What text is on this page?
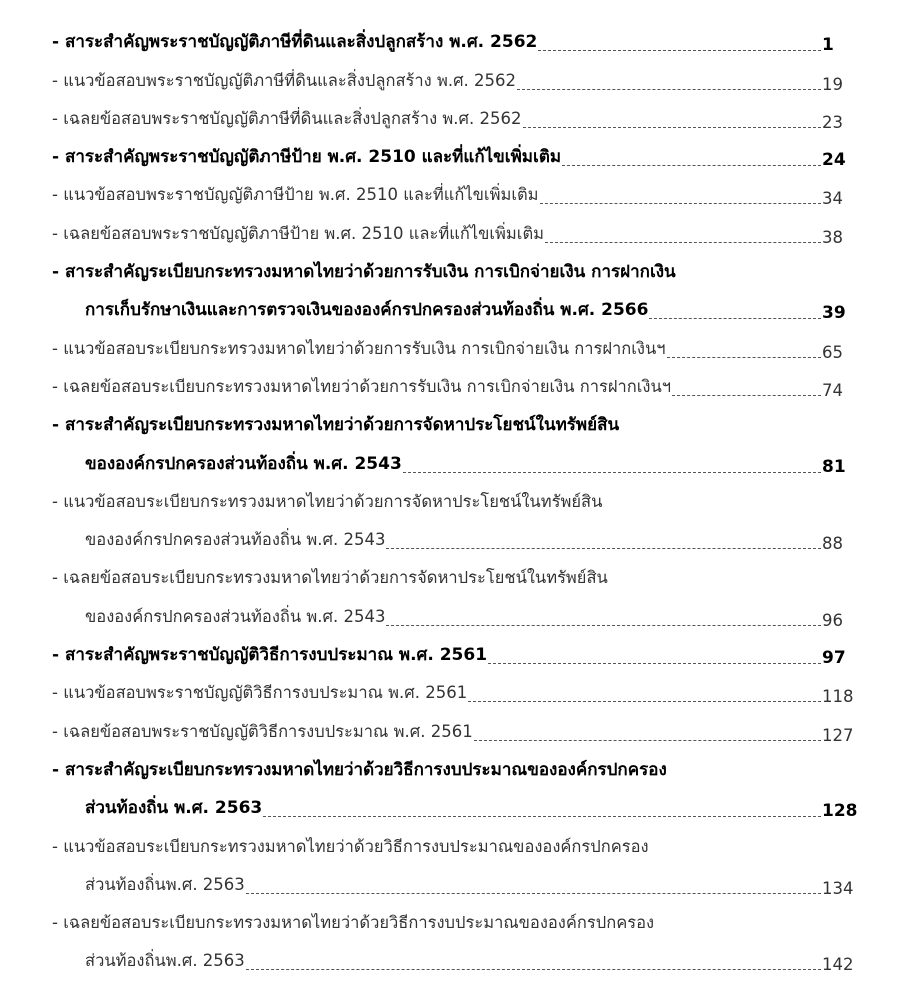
- สาระสำคัญพระราชบัญญัติภาษีที่ดินและสิ่งปลูกสร้าง พ.ศ. 2562	1
- แนวข้อสอบพระราชบัญญัติภาษีที่ดินและสิ่งปลูกสร้าง พ.ศ. 2562	19
- เฉลยข้อสอบพระราชบัญญัติภาษีที่ดินและสิ่งปลูกสร้าง พ.ศ. 2562	23
- สาระสำคัญพระราชบัญญัติภาษีป้าย พ.ศ. 2510 และที่แก้ไขเพิ่มเติม	24
- แนวข้อสอบพระราชบัญญัติภาษีป้าย พ.ศ. 2510 และที่แก้ไขเพิ่มเติม	34
- เฉลยข้อสอบพระราชบัญญัติภาษีป้าย พ.ศ. 2510 และที่แก้ไขเพิ่มเติม	38
- สาระสำคัญระเบียบกระทรวงมหาดไทยว่าด้วยการรับเงิน การเบิกจ่ายเงิน การฝากเงิน
การเก็บรักษาเงินและการตรวจเงินขององค์กรปกครองส่วนท้องถิ่น พ.ศ. 2566	39
- แนวข้อสอบระเบียบกระทรวงมหาดไทยว่าด้วยการรับเงิน การเบิกจ่ายเงิน การฝากเงินฯ	65
- เฉลยข้อสอบระเบียบกระทรวงมหาดไทยว่าด้วยการรับเงิน การเบิกจ่ายเงิน การฝากเงินฯ	74
- สาระสำคัญระเบียบกระทรวงมหาดไทยว่าด้วยการจัดหาประโยชน์ในทรัพย์สิน
ขององค์กรปกครองส่วนท้องถิ่น พ.ศ. 2543	81
- แนวข้อสอบระเบียบกระทรวงมหาดไทยว่าด้วยการจัดหาประโยชน์ในทรัพย์สิน
ขององค์กรปกครองส่วนท้องถิ่น พ.ศ. 2543	88
- เฉลยข้อสอบระเบียบกระทรวงมหาดไทยว่าด้วยการจัดหาประโยชน์ในทรัพย์สิน
ขององค์กรปกครองส่วนท้องถิ่น พ.ศ. 2543	96
- สาระสำคัญพระราชบัญญัติวิธีการงบประมาณ พ.ศ. 2561	97
- แนวข้อสอบพระราชบัญญัติวิธีการงบประมาณ พ.ศ. 2561	118
- เฉลยข้อสอบพระราชบัญญัติวิธีการงบประมาณ พ.ศ. 2561	127
- สาระสำคัญระเบียบกระทรวงมหาดไทยว่าด้วยวิธีการงบประมาณขององค์กรปกครอง
ส่วนท้องถิ่น พ.ศ. 2563	128
- แนวข้อสอบระเบียบกระทรวงมหาดไทยว่าด้วยวิธีการงบประมาณขององค์กรปกครอง
ส่วนท้องถิ่นพ.ศ. 2563	134
- เฉลยข้อสอบระเบียบกระทรวงมหาดไทยว่าด้วยวิธีการงบประมาณขององค์กรปกครอง
ส่วนท้องถิ่นพ.ศ. 2563	142
